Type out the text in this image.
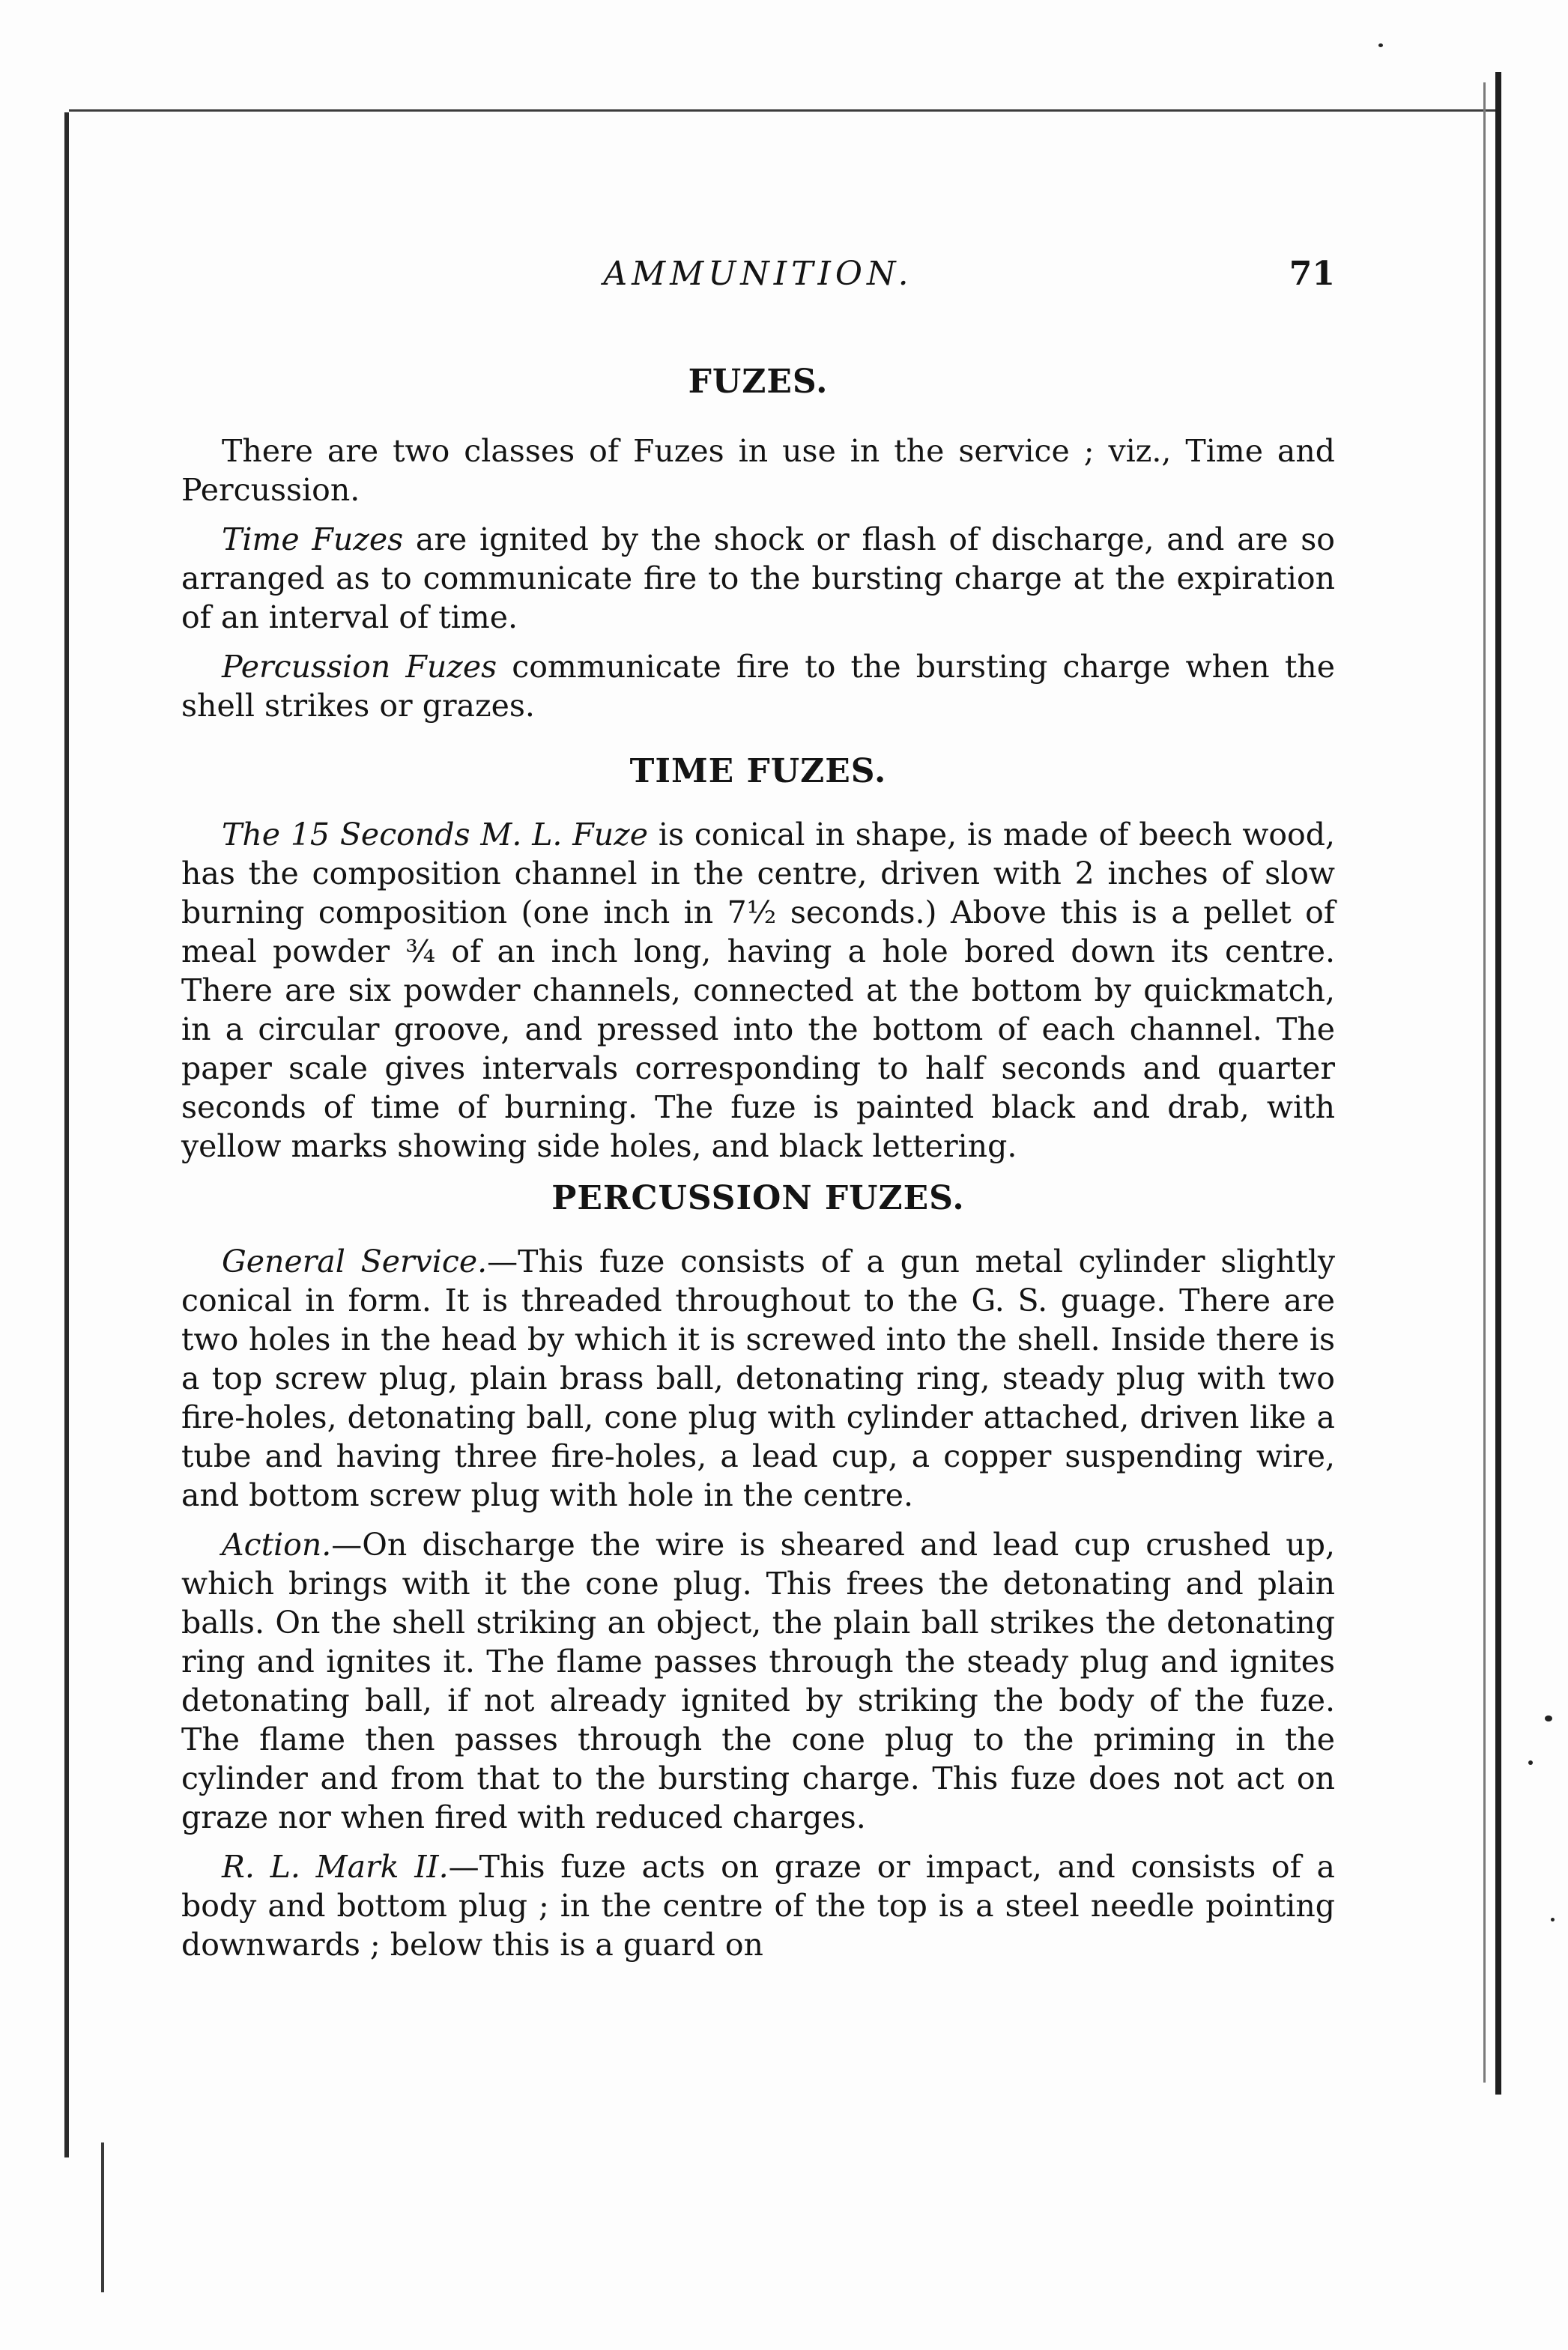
AMMUNITION.	71
FUZES.

There are two classes of Fuzes in use in the service ; viz., Time and Percussion.

Time Fuzes are ignited by the shock or flash of discharge, and are so arranged as to communicate fire to the bursting charge at the expiration of an interval of time.

Percussion Fuzes communicate fire to the bursting charge when the shell strikes or grazes.

TIME FUZES.

The 15 Seconds M. L. Fuze is conical in shape, is made of beech wood, has the composition channel in the centre, driven with 2 inches of slow burning composition (one inch in 7½ seconds.) Above this is a pellet of meal powder ¾ of an inch long, having a hole bored down its centre. There are six powder channels, connected at the bottom by quickmatch, in a circular groove, and pressed into the bottom of each channel. The paper scale gives intervals corresponding to half seconds and quarter seconds of time of burning. The fuze is painted black and drab, with yellow marks showing side holes, and black lettering.

PERCUSSION FUZES.

General Service.—This fuze consists of a gun metal cylinder slightly conical in form. It is threaded throughout to the G. S. guage. There are two holes in the head by which it is screwed into the shell. Inside there is a top screw plug, plain brass ball, detonating ring, steady plug with two fire-holes, detonating ball, cone plug with cylinder attached, driven like a tube and having three fire-holes, a lead cup, a copper suspending wire, and bottom screw plug with hole in the centre.

Action.—On discharge the wire is sheared and lead cup crushed up, which brings with it the cone plug. This frees the detonating and plain balls. On the shell striking an object, the plain ball strikes the detonating ring and ignites it. The flame passes through the steady plug and ignites detonating ball, if not already ignited by striking the body of the fuze. The flame then passes through the cone plug to the priming in the cylinder and from that to the bursting charge. This fuze does not act on graze nor when fired with reduced charges.

R. L. Mark II.—This fuze acts on graze or impact, and consists of a body and bottom plug ; in the centre of the top is a steel needle pointing downwards ; below this is a guard on
